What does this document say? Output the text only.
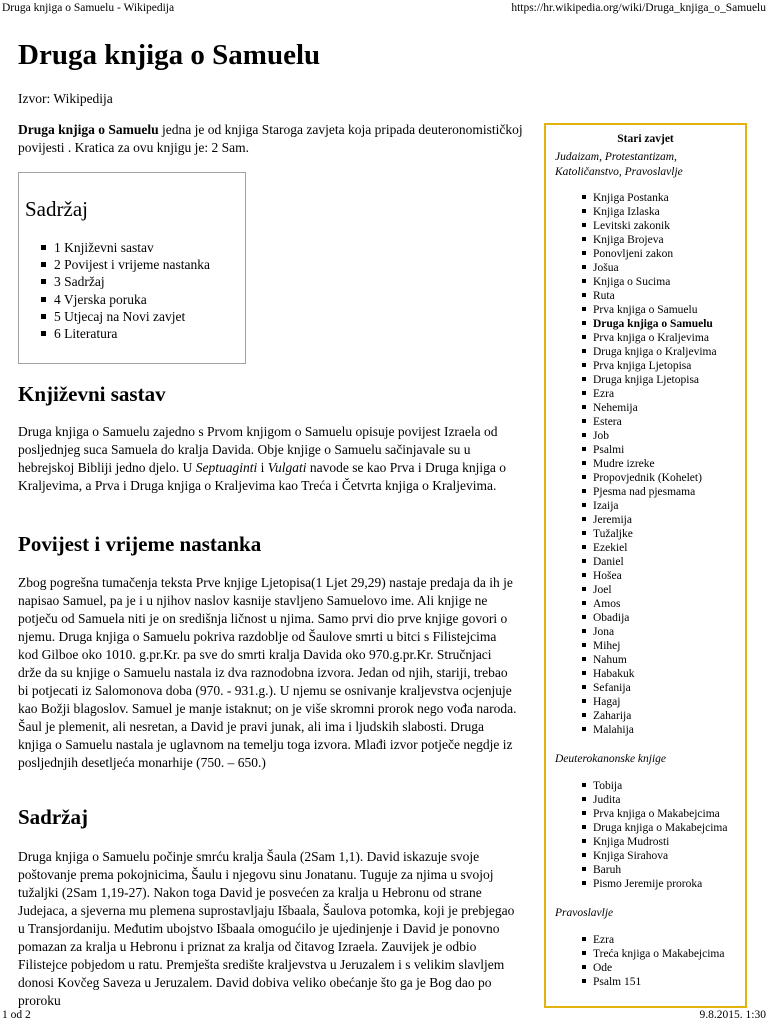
Druga knjiga o Samuelu - Wikipedija	https://hr.wikipedia.org/wiki/Druga_knjiga_o_Samuelu
Druga knjiga o Samuelu
Izvor: Wikipedija

Druga knjiga o Samuelu jedna je od knjiga Staroga zavjeta koja pripada deuteronomističkoj povijesti . Kratica za ovu knjigu je: 2 Sam.

Sadržaj
1 Književni sastav
2 Povijest i vrijeme nastanka
3 Sadržaj
4 Vjerska poruka
5 Utjecaj na Novi zavjet
6 Literatura
Književni sastav

Druga knjiga o Samuelu zajedno s Prvom knjigom o Samuelu opisuje povijest Izraela od posljednjeg suca Samuela do kralja Davida. Obje knjige o Samuelu sačinjavale su u hebrejskoj Bibliji jedno djelo. U Septuaginti i Vulgati navode se kao Prva i Druga knjiga o Kraljevima, a Prva i Druga knjiga o Kraljevima kao Treća i Četvrta knjiga o Kraljevima.

Povijest i vrijeme nastanka

Zbog pogrešna tumačenja teksta Prve knjige Ljetopisa(1 Ljet 29,29) nastaje predaja da ih je napisao Samuel, pa je i u njihov naslov kasnije stavljeno Samuelovo ime. Ali knjige ne potječu od Samuela niti je on središnja ličnost u njima. Samo prvi dio prve knjige govori o njemu. Druga knjiga o Samuelu pokriva razdoblje od Šaulove smrti u bitci s Filistejcima kod Gilboe oko 1010. g.pr.Kr. pa sve do smrti kralja Davida oko 970.g.pr.Kr. Stručnjaci drže da su knjige o Samuelu nastala iz dva raznodobna izvora. Jedan od njih, stariji, trebao bi potjecati iz Salomonova doba (970. - 931.g.). U njemu se osnivanje kraljevstva ocjenjuje kao Božji blagoslov. Samuel je manje istaknut; on je više skromni prorok nego vođa naroda. Šaul je plemenit, ali nesretan, a David je pravi junak, ali ima i ljudskih slabosti. Druga knjiga o Samuelu nastala je uglavnom na temelju toga izvora. Mlađi izvor potječe negdje iz posljednjih desetljeća monarhije (750. – 650.)

Sadržaj

Druga knjiga o Samuelu počinje smrću kralja Šaula (2Sam 1,1). David iskazuje svoje poštovanje prema pokojnicima, Šaulu i njegovu sinu Jonatanu. Tuguje za njima u svojoj tužaljki (2Sam 1,19-27). Nakon toga David je posvećen za kralja u Hebronu od strane Judejaca, a sjeverna mu plemena suprostavljaju Išbaala, Šaulova potomka, koji je prebjegao u Transjordaniju. Međutim ubojstvo Išbaala omogućilo je ujedinjenje i David je ponovno pomazan za kralja u Hebronu i priznat za kralja od čitavog Izraela. Zauvijek je odbio Filistejce pobjedom u ratu. Premješta središte kraljevstva u Jeruzalem i s velikim slavljem donosi Kovčeg Saveza u Jeruzalem. David dobiva veliko obećanje što ga je Bog dao po proroku

Stari zavjet
Judaizam, Protestantizam, Katoličanstvo, Pravoslavlje
Knjiga Postanka
Knjiga Izlaska
Levitski zakonik
Knjiga Brojeva
Ponovljeni zakon
Jošua
Knjiga o Sucima
Ruta
Prva knjiga o Samuelu
Druga knjiga o Samuelu
Prva knjiga o Kraljevima
Druga knjiga o Kraljevima
Prva knjiga Ljetopisa
Druga knjiga Ljetopisa
Ezra
Nehemija
Estera
Job
Psalmi
Mudre izreke
Propovjednik (Kohelet)
Pjesma nad pjesmama
Izaija
Jeremija
Tužaljke
Ezekiel
Daniel
Hošea
Joel
Amos
Obadija
Jona
Mihej
Nahum
Habakuk
Sefanija
Hagaj
Zaharija
Malahija
Deuterokanonske knjige
Tobija
Judita
Prva knjiga o Makabejcima
Druga knjiga o Makabejcima
Knjiga Mudrosti
Knjiga Sirahova
Baruh
Pismo Jeremije proroka
Pravoslavlje
Ezra
Treća knjiga o Makabejcima
Ode
Psalm 151
1 od 2	9.8.2015. 1:30
